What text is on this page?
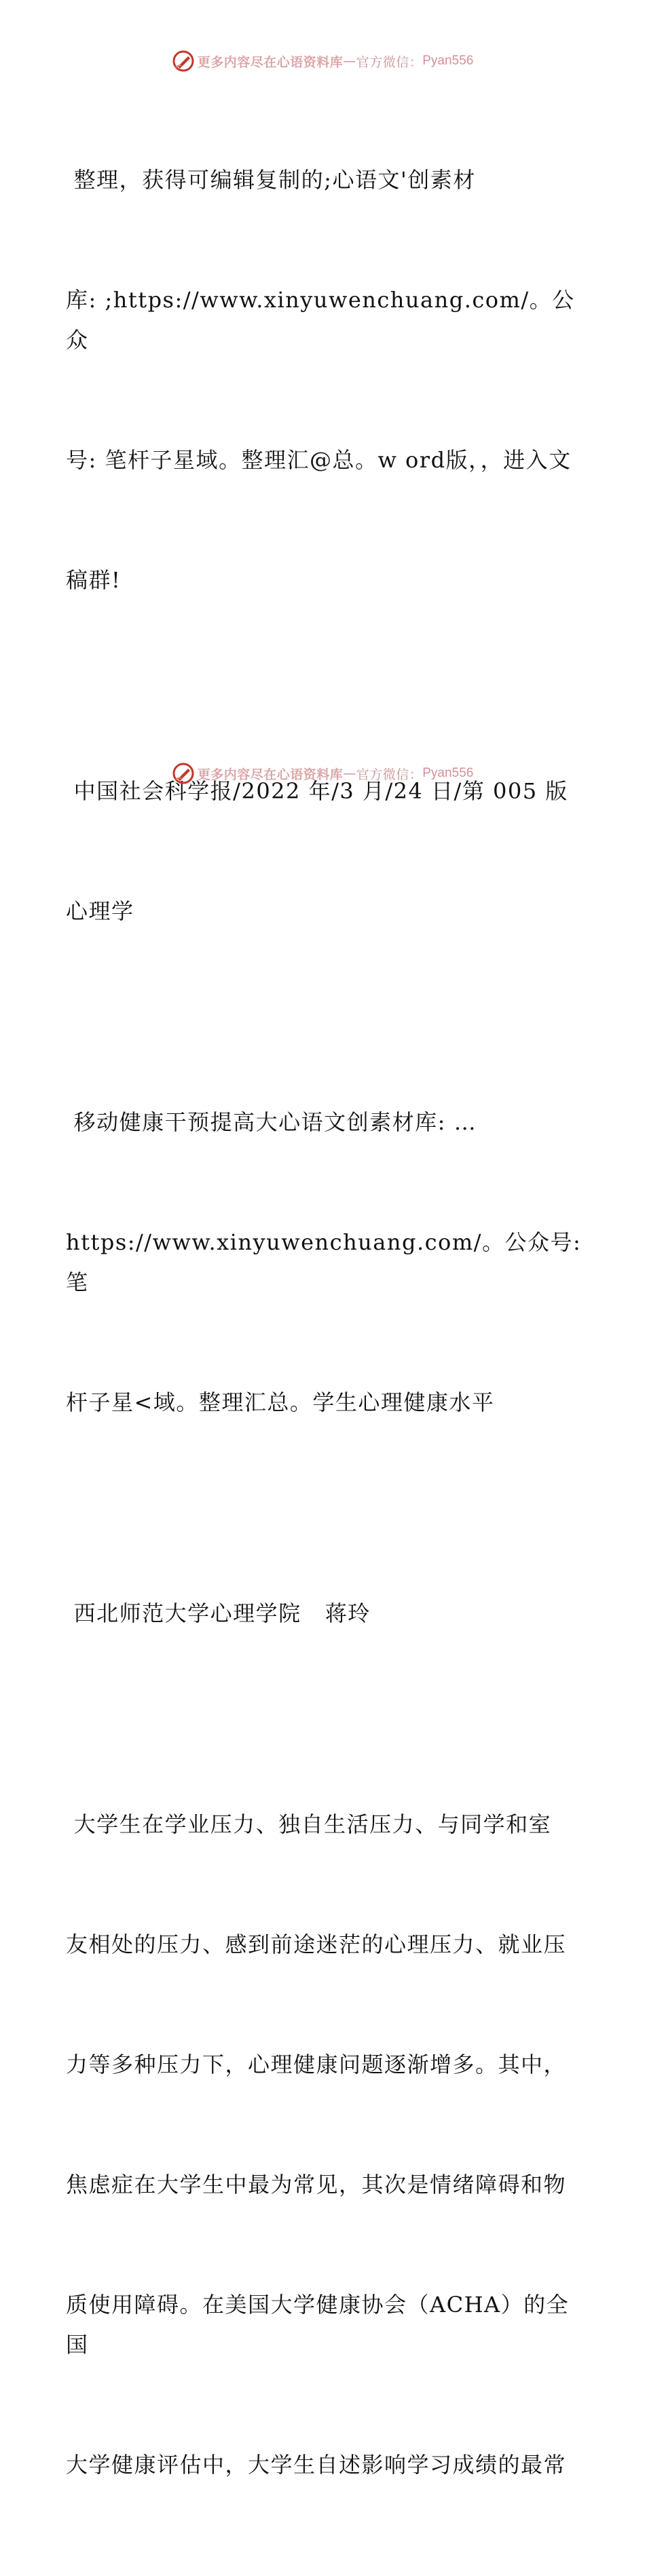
更多内容尽在心语资料库 — 官方微信： Pyan556

整理，获得可编辑复制的;心语文'创素材

库: ;https://www.xinyuwenchuang.com/。公众

号: 笔杆子星域。整理汇@总。w ord版，，进入文

稿群!

中国社会科学报/2022 年/3 月/24 日/第 005 版

心理学

移动健康干预提高大心语文创素材库: …

https://www.xinyuwenchuang.com/。公众号: 笔

杆子星<域。整理汇总。学生心理健康水平

西北师范大学心理学院   蒋玲

大学生在学业压力、独自生活压力、与同学和室

友相处的压力、感到前途迷茫的心理压力、就业压

力等多种压力下，心理健康问题逐渐增多。其中，

焦虑症在大学生中最为常见，其次是情绪障碍和物

质使用障碍。在美国大学健康协会（ACHA）的全国

大学健康评估中，大学生自述影响学习成绩的最常

更多内容尽在心语资料库 — 官方微信： Pyan556
